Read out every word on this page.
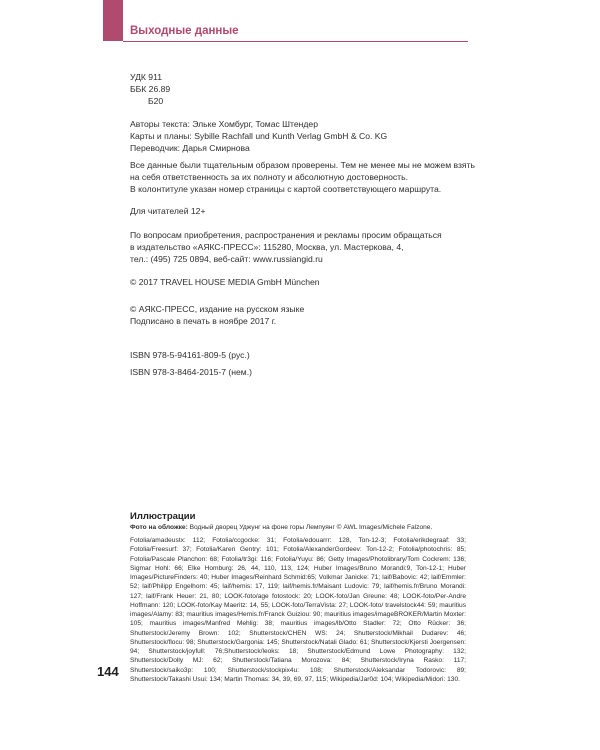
Выходные данные
УДК 911
ББК 26.89
Б20
Авторы текста: Эльке Хомбург, Томас Штендер
Карты и планы: Sybille Rachfall und Kunth Verlag GmbH & Co. KG
Переводчик: Дарья Смирнова
Все данные были тщательным образом проверены. Тем не менее мы не можем взять
на себя ответственность за их полноту и абсолютную достоверность.
В колонтитуле указан номер страницы с картой соответствующего маршрута.
Для читателей 12+
По вопросам приобретения, распространения и рекламы просим обращаться
в издательство «АЯКС-ПРЕСС»: 115280, Москва, ул. Мастеркова, 4,
тел.: (495) 725 0894, веб-сайт: www.russiangid.ru
© 2017 TRAVEL HOUSE MEDIA GmbH München
© АЯКС-ПРЕСС, издание на русском языке
Подписано в печать в ноябре 2017 г.
ISBN 978-5-94161-809-5 (рус.)
ISBN 978-3-8464-2015-7 (нем.)
Иллюстрации
Фото на обложке: Водный дворец Уджунг на фоне горы Лемпуянг © AWL Images/Michele Falzone.
Fotolia/amadeustx: 112; Fotolia/ccgocke: 31; Fotolia/edouarrr: 128, Ton-12-3; Fotolia/erikdegraaf: 33; Fotolia/Freesurf: 37; Fotolia/Karen Gentry: 101; Fotolia/AlexanderGordeev: Ton-12-2; Fotolia/photochris: 85; Fotolia/Pascale Planchon: 68; Fotolia/tr3gi: 116; Fotolia/Yuyu: 86; Getty Images/Photolibrary/Tom Cockrem: 136; Sigmar Hohl: 66; Elke Homburg: 26, 44, 110, 113, 124; Huber Images/Bruno Morandi:9, Ton-12-1; Huber Images/PictureFinders: 40; Huber Images/Reinhard Schmid:65; Volkmar Janicke: 71; laif/Babovic: 42; laif/Emmler: 52; laif/Philipp Engelhorn: 45; laif/hemis: 17, 119; laif/hemis.fr/Maisant Ludovic: 79; laif/hemis.fr/Bruno Morandi: 127; laif/Frank Heuer: 21, 80; LOOK-foto/age fotostock: 20; LOOK-foto/Jan Greune: 48; LOOK-foto/Per-Andre Hoffmann: 120; LOOK-foto/Kay Maeritz: 14, 55; LOOK-foto/TerraVista: 27; LOOK-foto/ travelstock44: 59; mauritius images/Alamy: 83; mauritius images/Hemis.fr/Franck Guiziou: 90; mauritius images/imageBROKER/Martin Moxter: 105; mauritius images/Manfred Mehlig: 38; mauritius images/lb/Otto Stadler: 72; Otto Rücker: 36; Shutterstock/Jeremy Brown: 102; Shutterstock/CHEN WS: 24; Shutterstock/Mikhail Dudarev: 46; Shutterstock/flocu: 98; Shutterstock/Gargonia: 145; Shutterstock/Natali Glado: 61; Shutterstock/Kjersti Joergensen: 94; Shutterstock/joyfull: 76;Shutterstock/leoks: 18; Shutterstock/Edmund Lowe Photography: 132; Shutterstock/Dolly MJ: 62; Shutterstock/Tatiana Morozova: 84; Shutterstock/Iryna Rasko: 117; Shutterstock/saiko3p: 100; Shutterstock/stockpix4u: 108; Shutterstock/Aleksandar Todorovic: 89; Shutterstock/Takashi Usui: 134; Martin Thomas: 34, 39, 69, 97, 115; Wikipedia/Jar0d: 104; Wikipedia/Midori: 130.
144
